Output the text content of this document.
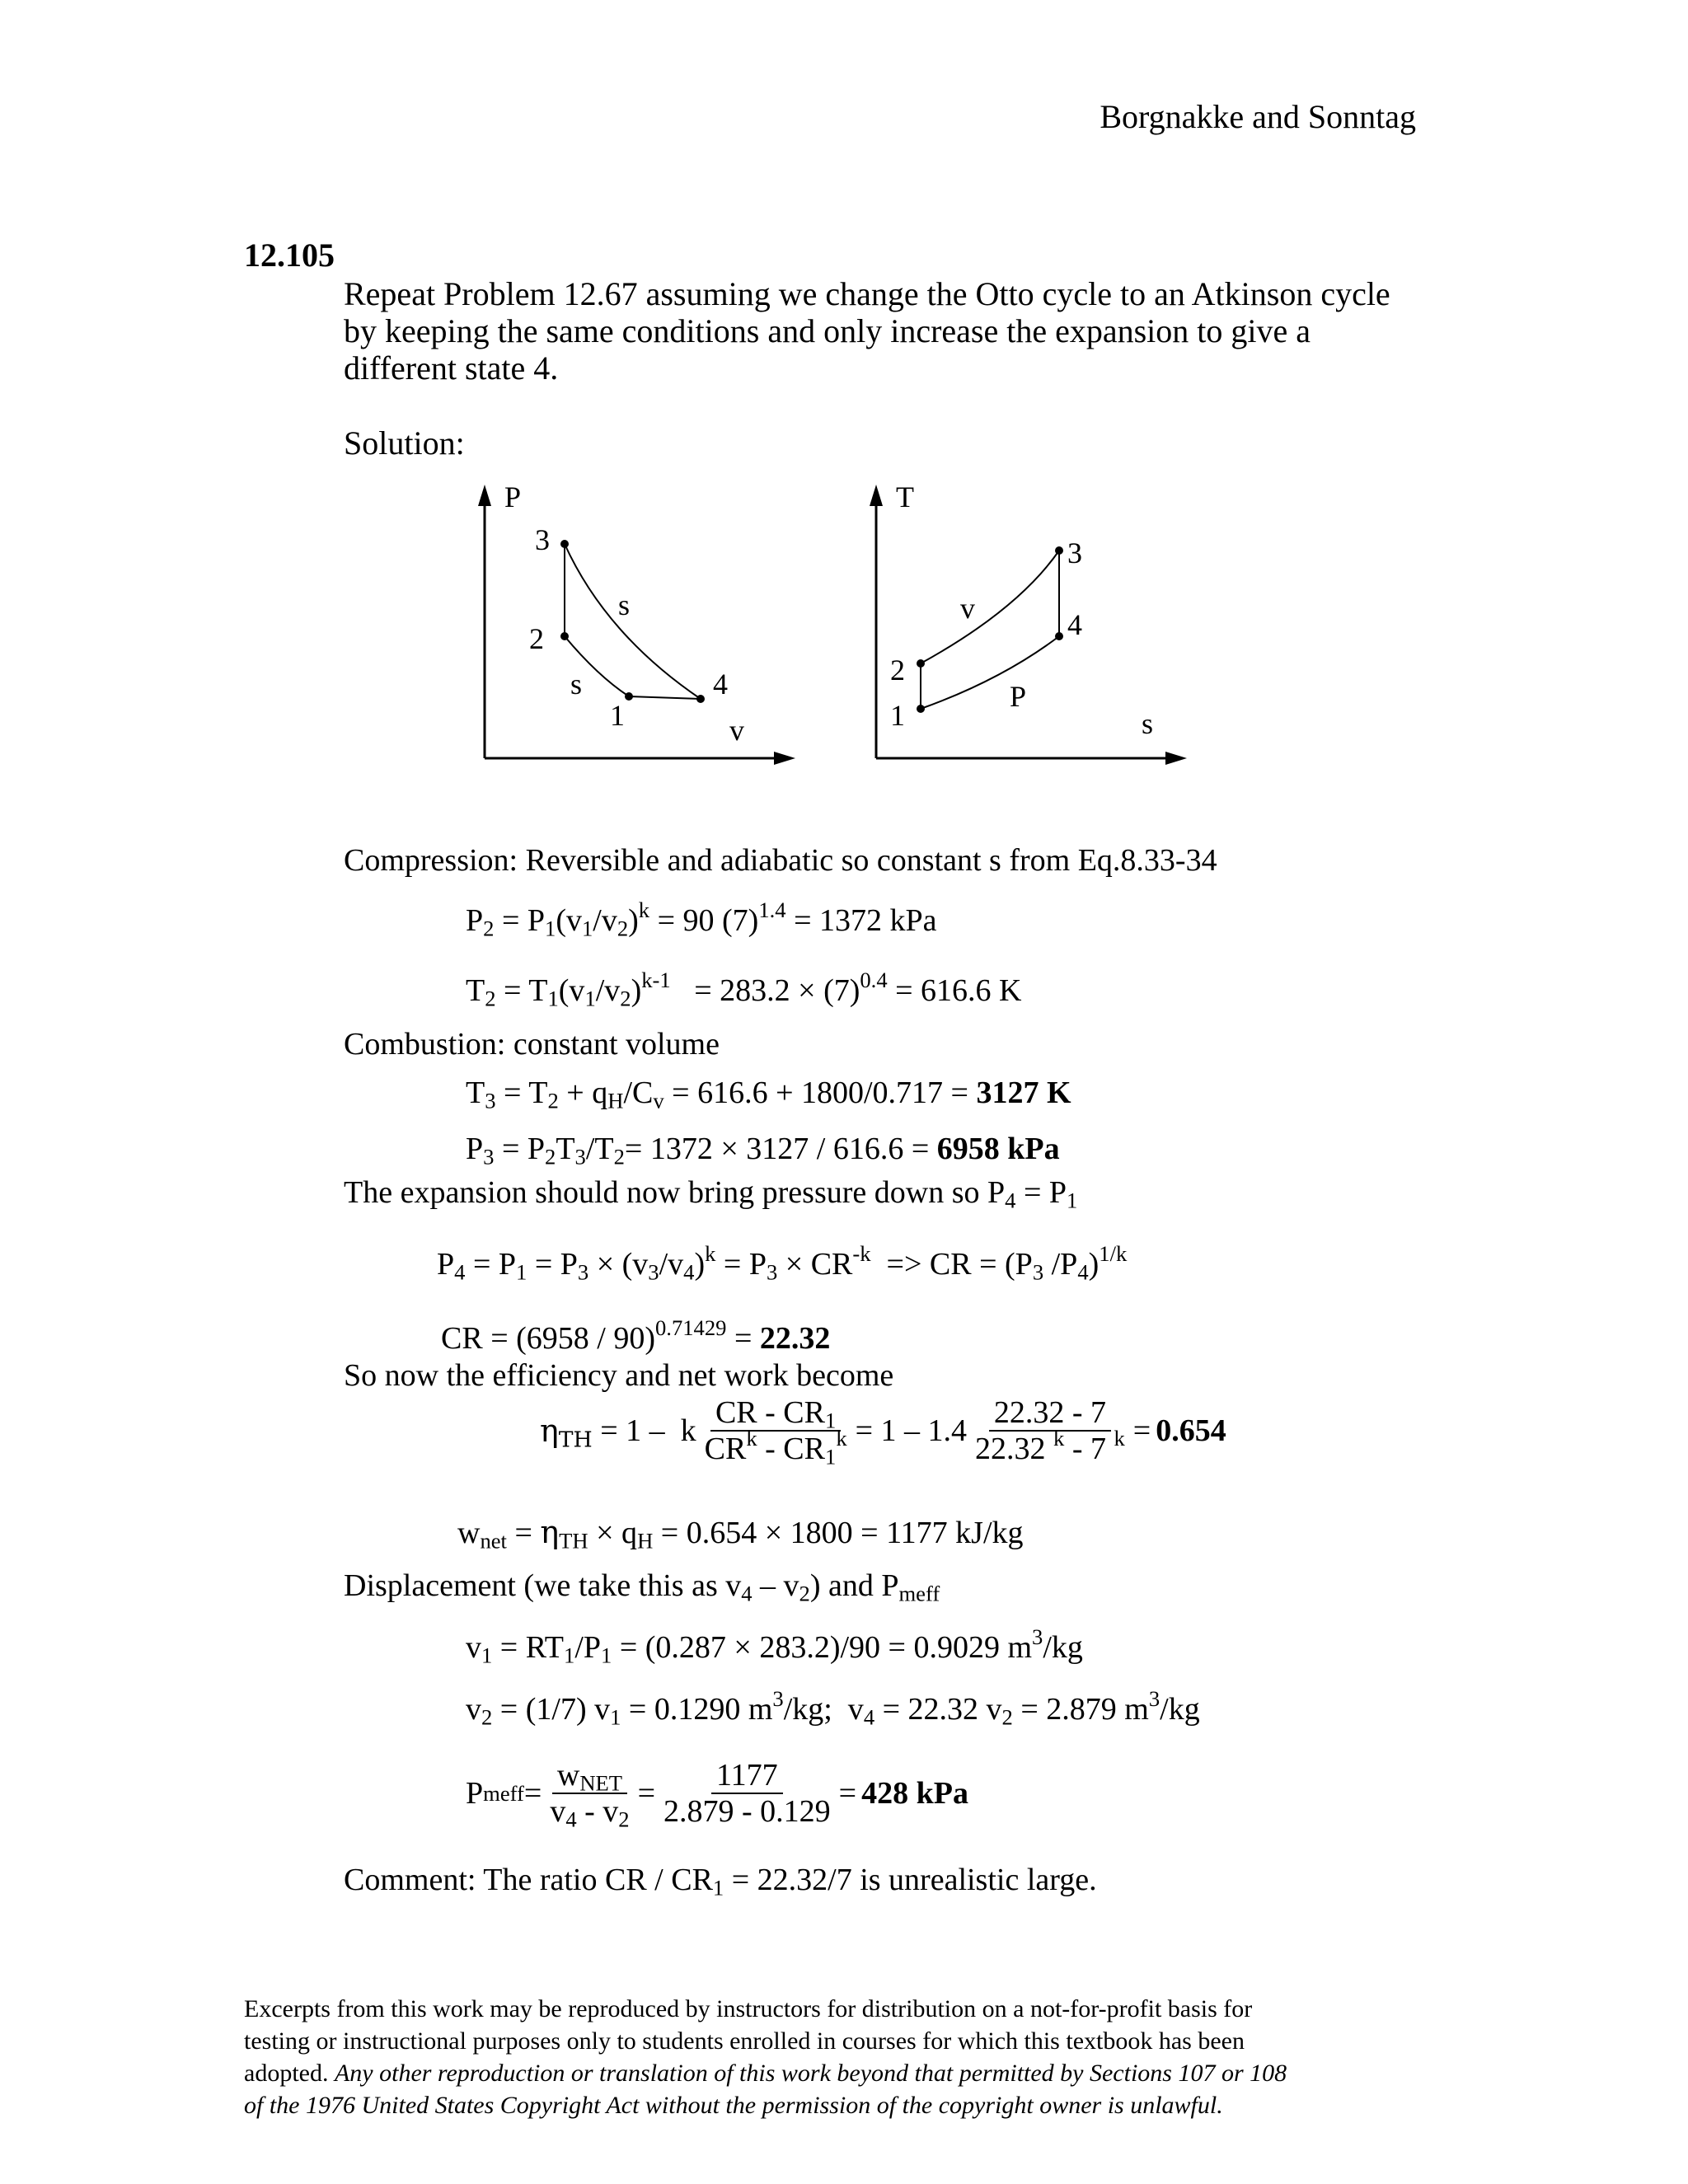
Borgnakke and Sonntag
12.105
Repeat Problem 12.67 assuming we change the Otto cycle to an Atkinson cycle
by keeping the same conditions and only increase the expansion to give a
different state 4.
Solution:
P
v
1
2
3
4
s
s
T
s
1
2
3
4
v
P
Compression: Reversible and adiabatic so constant s from Eq.8.33-34
$P_2 = P_1(v_1/v_2)^k = 90$ $(7)^{1.4} = 1372$ kPa
$T_2 = T_1(v_1/v_2)^{k-1} = 283.2 \times (7)^{0.4} = 616.6$ K
Combustion: constant volume
$T_3 = T_2 + q_H/C_v = 616.6 + 1800/0.717 = 3127$ K
$P_3 = P_2T_3/T_2= 1372 \times 3127 / 616.6 = 6958$ kPa
The expansion should now bring pressure down so $P_4 = P_1$
$P_4 = P_1 = P_3 \times (v_3/v_4)^k = P_3 \times CR^{-k}$ => CR = ($P_3$ $/P_4)^{1/k}$
CR = (6958 / 90)$^{0.71429}$ = 22.32
So now the efficiency and net work become
$\eta_{TH} = 1 - k \frac{CR - CR_1}{CR^k - CR_1^k} = 1 - 1.4 \frac{22.32 - 7}{22.32 ^k - 7 ^k} = 0.654$
$w_{net} = \eta_{TH} \times q_H = 0.654 \times 1800 = 1177$ kJ/kg
Displacement (we take this as $v_4 - v_2$) and $P_{meff}$
$v_1 = RT_1/P_1 = (0.287 \times 283.2)/90 = 0.9029$ $m^3/kg$
$v_2 = (1/7) v_1 = 0.1290$ $m^3/kg$;  $v_4 = 22.32$ $v_2 = 2.879$ $m^3/kg$
P meff = $\frac{w_{NET}}{v_4 - v_2} = \frac{1177}{2.879 - 0.129} = 428$ kPa
Comment: The ratio CR / $CR_1 = 22.32/7$ is unrealistic large.
Excerpts from this work may be reproduced by instructors for distribution on a not-for-profit basis for
testing or instructional purposes only to students enrolled in courses for which this textbook has been
adopted. Any other reproduction or translation of this work beyond that permitted by Sections 107 or 108
of the 1976 United States Copyright Act without the permission of the copyright owner is unlawful.
